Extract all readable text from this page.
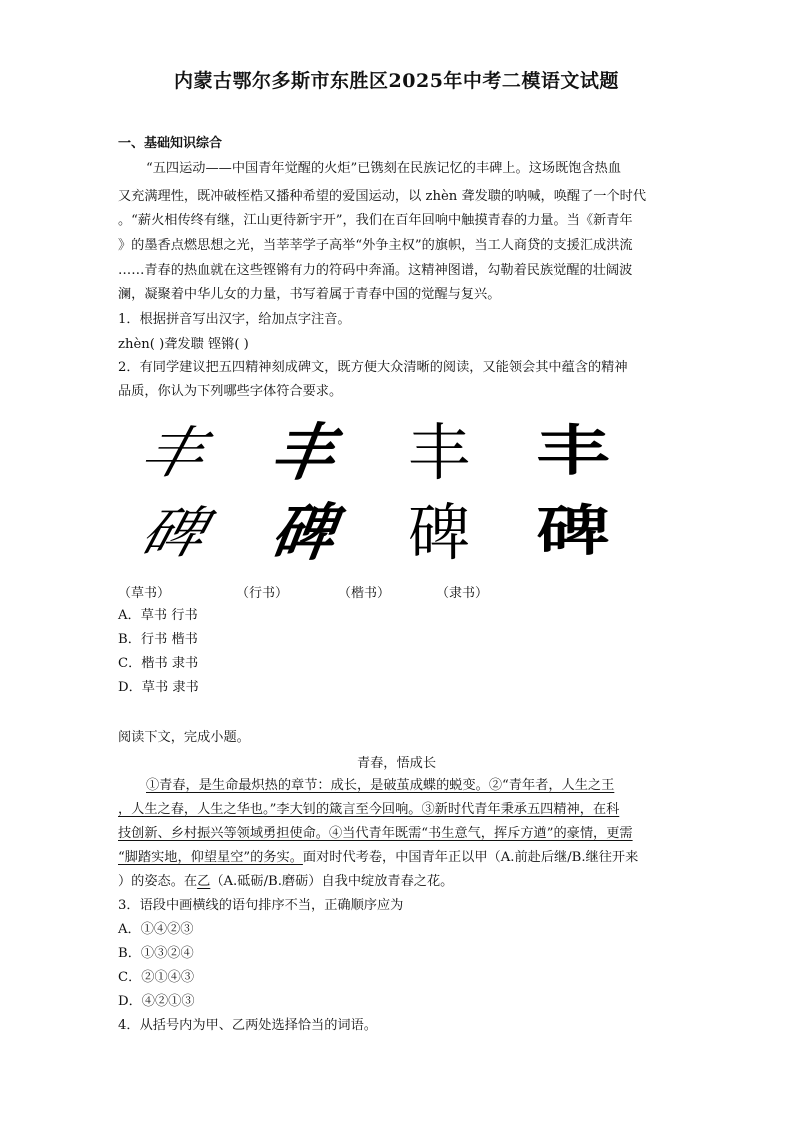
内蒙古鄂尔多斯市东胜区2025年中考二模语文试题
一、基础知识综合
“五四运动——中国青年觉醒的火炬”已镌刻在民族记忆的丰碑上。这场既饱含热血
又充满理性，既冲破桎梏又播种希望的爱国运动，以 zhèn 聋发聩的呐喊，唤醒了一个时代
。“薪火相传终有继，江山更待新宇开”，我们在百年回响中触摸青春的力量。当《新青年
》的墨香点燃思想之光，当莘莘学子高举“外争主权”的旗帜，当工人商贷的支援汇成洪流
……青春的热血就在这些铿锵有力的符码中奔涌。这精神图谱，勾勒着民族觉醒的壮阔波
澜，凝聚着中华儿女的力量，书写着属于青春中国的觉醒与复兴。
1．根据拼音写出汉字，给加点字注音。
zhèn( )聋发聩 铿锵( )
2．有同学建议把五四精神刻成碑文，既方便大众清晰的阅读，又能领会其中蕴含的精神
品质，你认为下列哪些字体符合要求。
丰 丰 丰 丰
碑 碑 碑 碑
（草书）	（行书）	（楷书）	（隶书）
A．草书 行书
B．行书 楷书
C．楷书 隶书
D．草书 隶书
阅读下文，完成小题。
青春，悟成长
①青春，是生命最炽热的章节：成长，是破茧成蝶的蜕变。②“青年者，人生之王
，人生之春，人生之华也。”李大钊的箴言至今回响。③新时代青年秉承五四精神，在科
技创新、乡村振兴等领域勇担使命。④当代青年既需“书生意气，挥斥方遒”的豪情，更需
“脚踏实地，仰望星空”的务实。面对时代考卷，中国青年正以甲（A.前赴后继/B.继往开来
）的姿态。在乙（A.砥砺/B.磨砺）自我中绽放青春之花。
3．语段中画横线的语句排序不当，正确顺序应为
A．①④②③
B．①③②④
C．②①④③
D．④②①③
4．从括号内为甲、乙两处选择恰当的词语。
